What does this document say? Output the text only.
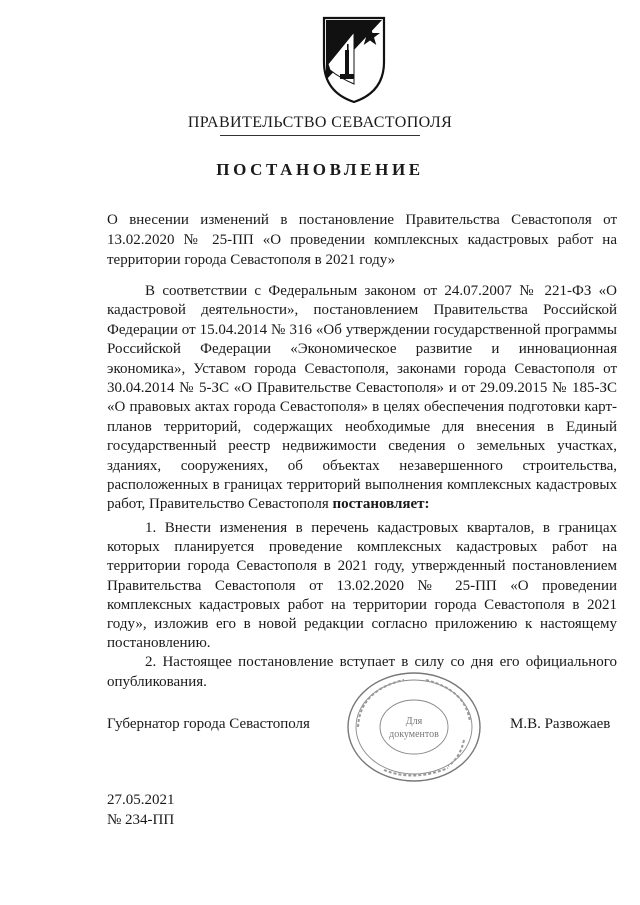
ПРАВИТЕЛЬСТВО СЕВАСТОПОЛЯ
ПОСТАНОВЛЕНИЕ
О внесении изменений в постановление Правительства Севастополя от 13.02.2020 № 25-ПП «О проведении комплексных кадастровых работ на территории города Севастополя в 2021 году»

В соответствии с Федеральным законом от 24.07.2007 № 221-ФЗ «О кадастровой деятельности», постановлением Правительства Российской Федерации от 15.04.2014 № 316 «Об утверждении государственной программы Российской Федерации «Экономическое развитие и инновационная экономика», Уставом города Севастополя, законами города Севастополя от 30.04.2014 № 5-ЗС «О Правительстве Севастополя» и от 29.09.2015 № 185-ЗС «О правовых актах города Севастополя» в целях обеспечения подготовки карт-планов территорий, содержащих необходимые для внесения в Единый государственный реестр недвижимости сведения о земельных участках, зданиях, сооружениях, об объектах незавершенного строительства, расположенных в границах территорий выполнения комплексных кадастровых работ, Правительство Севастополя постановляет:

1. Внести изменения в перечень кадастровых кварталов, в границах которых планируется проведение комплексных кадастровых работ на территории города Севастополя в 2021 году, утвержденный постановлением Правительства Севастополя от 13.02.2020 № 25-ПП «О проведении комплексных кадастровых работ на территории города Севастополя в 2021 году», изложив его в новой редакции согласно приложению к настоящему постановлению.

2. Настоящее постановление вступает в силу со дня его официального опубликования.

Губернатор города Севастополя	Для
документов
М.В. Развожаев
27.05.2021
№ 234-ПП
